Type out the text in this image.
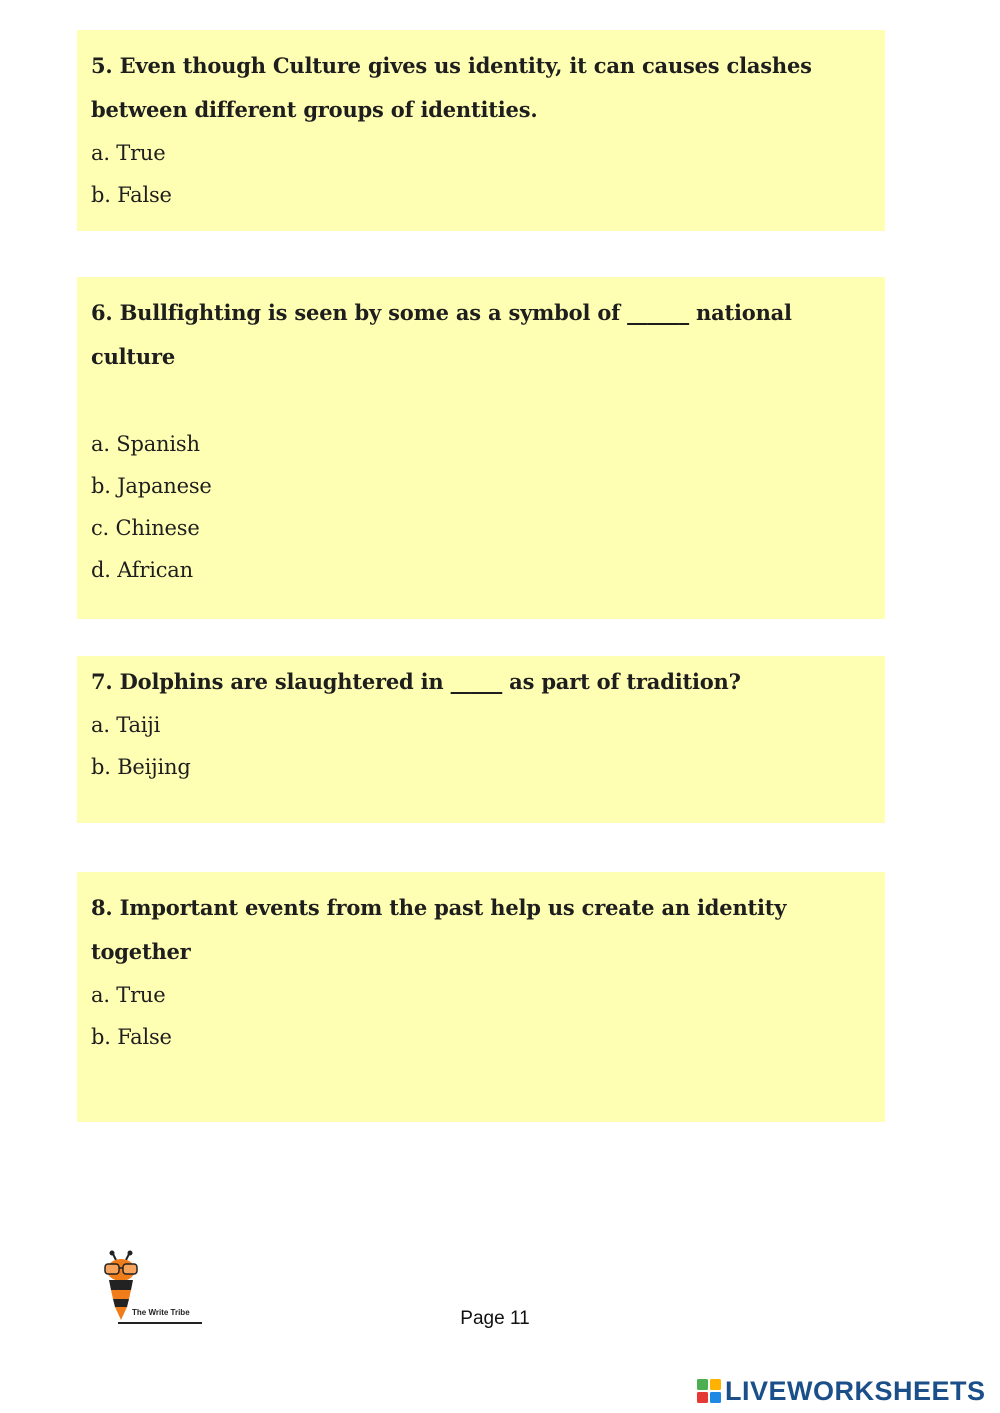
5. Even though Culture gives us identity, it can causes clashes
between different groups of identities.

a. True

b. False

6. Bullfighting is seen by some as a symbol of ______ national
culture

a. Spanish

b. Japanese

c. Chinese

d. African

7. Dolphins are slaughtered in _____ as part of tradition?

a. Taiji

b. Beijing

8. Important events from the past help us create an identity
together

a. True

b. False

The Write Tribe	Page 11
LIVEWORKSHEETS
